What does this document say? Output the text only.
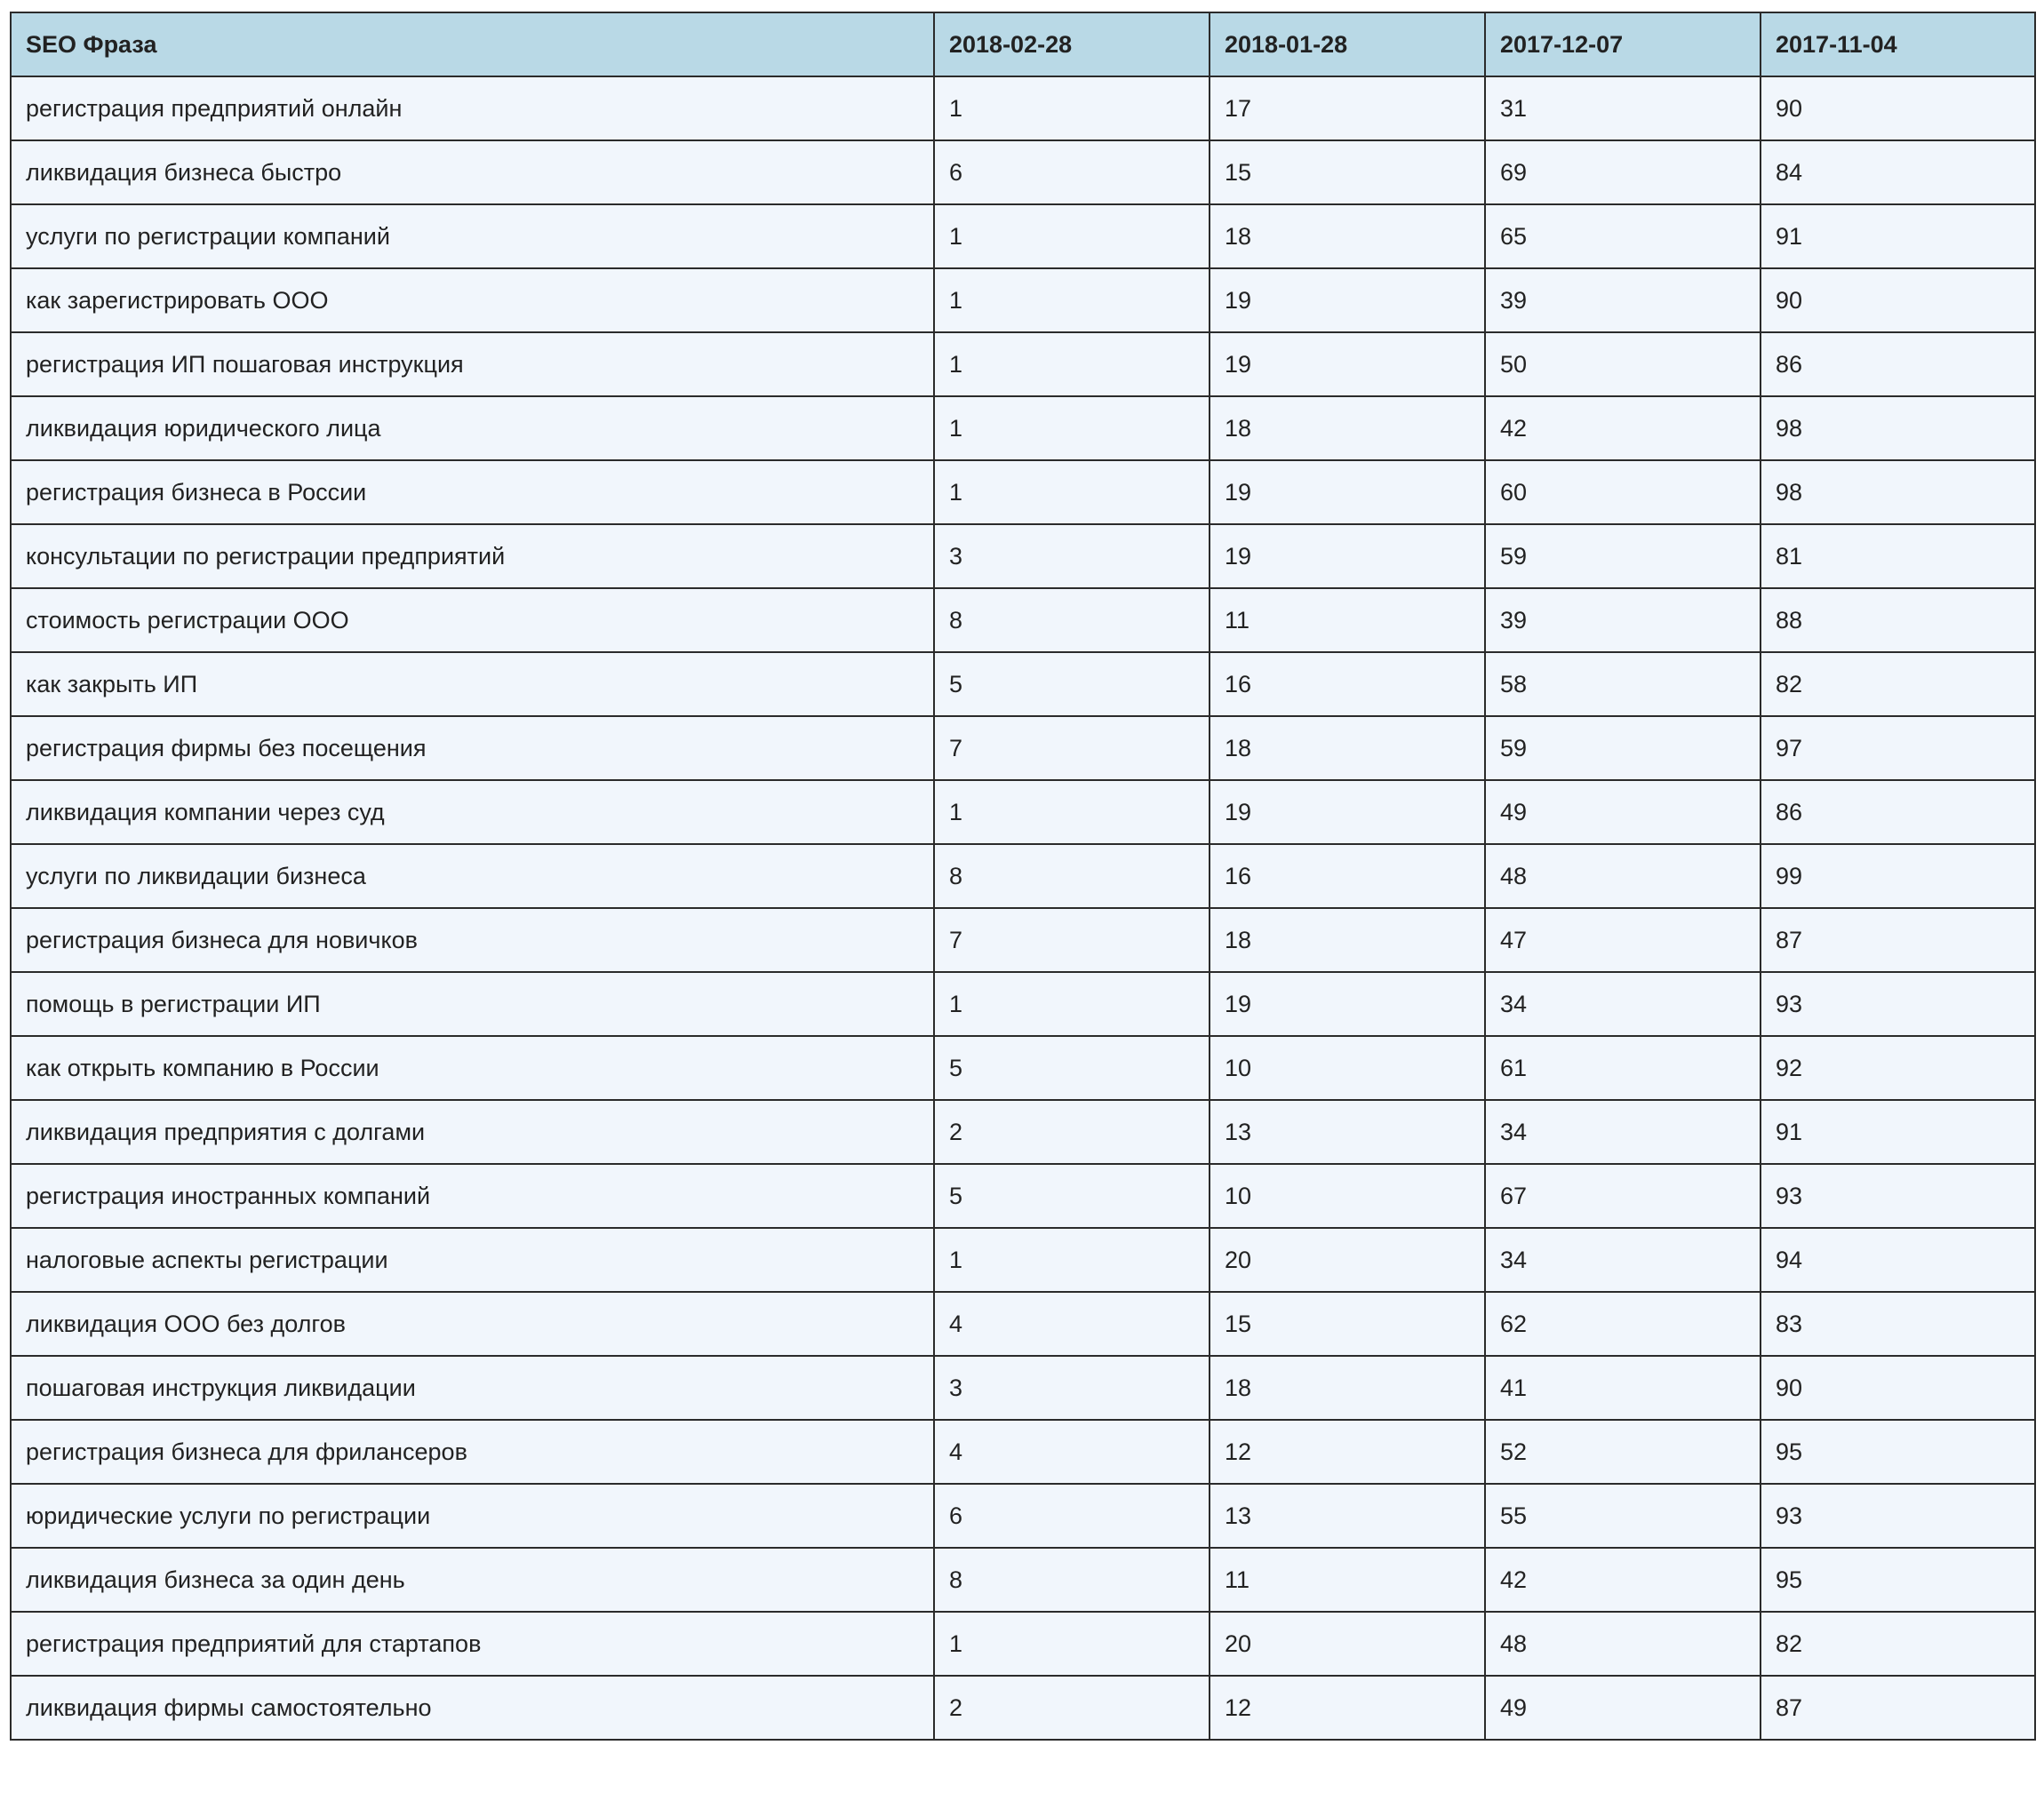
SEO Фраза	2018-02-28	2018-01-28	2017-12-07	2017-11-04
регистрация предприятий онлайн	1	17	31	90
ликвидация бизнеса быстро	6	15	69	84
услуги по регистрации компаний	1	18	65	91
как зарегистрировать ООО	1	19	39	90
регистрация ИП пошаговая инструкция	1	19	50	86
ликвидация юридического лица	1	18	42	98
регистрация бизнеса в России	1	19	60	98
консультации по регистрации предприятий	3	19	59	81
стоимость регистрации ООО	8	11	39	88
как закрыть ИП	5	16	58	82
регистрация фирмы без посещения	7	18	59	97
ликвидация компании через суд	1	19	49	86
услуги по ликвидации бизнеса	8	16	48	99
регистрация бизнеса для новичков	7	18	47	87
помощь в регистрации ИП	1	19	34	93
как открыть компанию в России	5	10	61	92
ликвидация предприятия с долгами	2	13	34	91
регистрация иностранных компаний	5	10	67	93
налоговые аспекты регистрации	1	20	34	94
ликвидация ООО без долгов	4	15	62	83
пошаговая инструкция ликвидации	3	18	41	90
регистрация бизнеса для фрилансеров	4	12	52	95
юридические услуги по регистрации	6	13	55	93
ликвидация бизнеса за один день	8	11	42	95
регистрация предприятий для стартапов	1	20	48	82
ликвидация фирмы самостоятельно	2	12	49	87
